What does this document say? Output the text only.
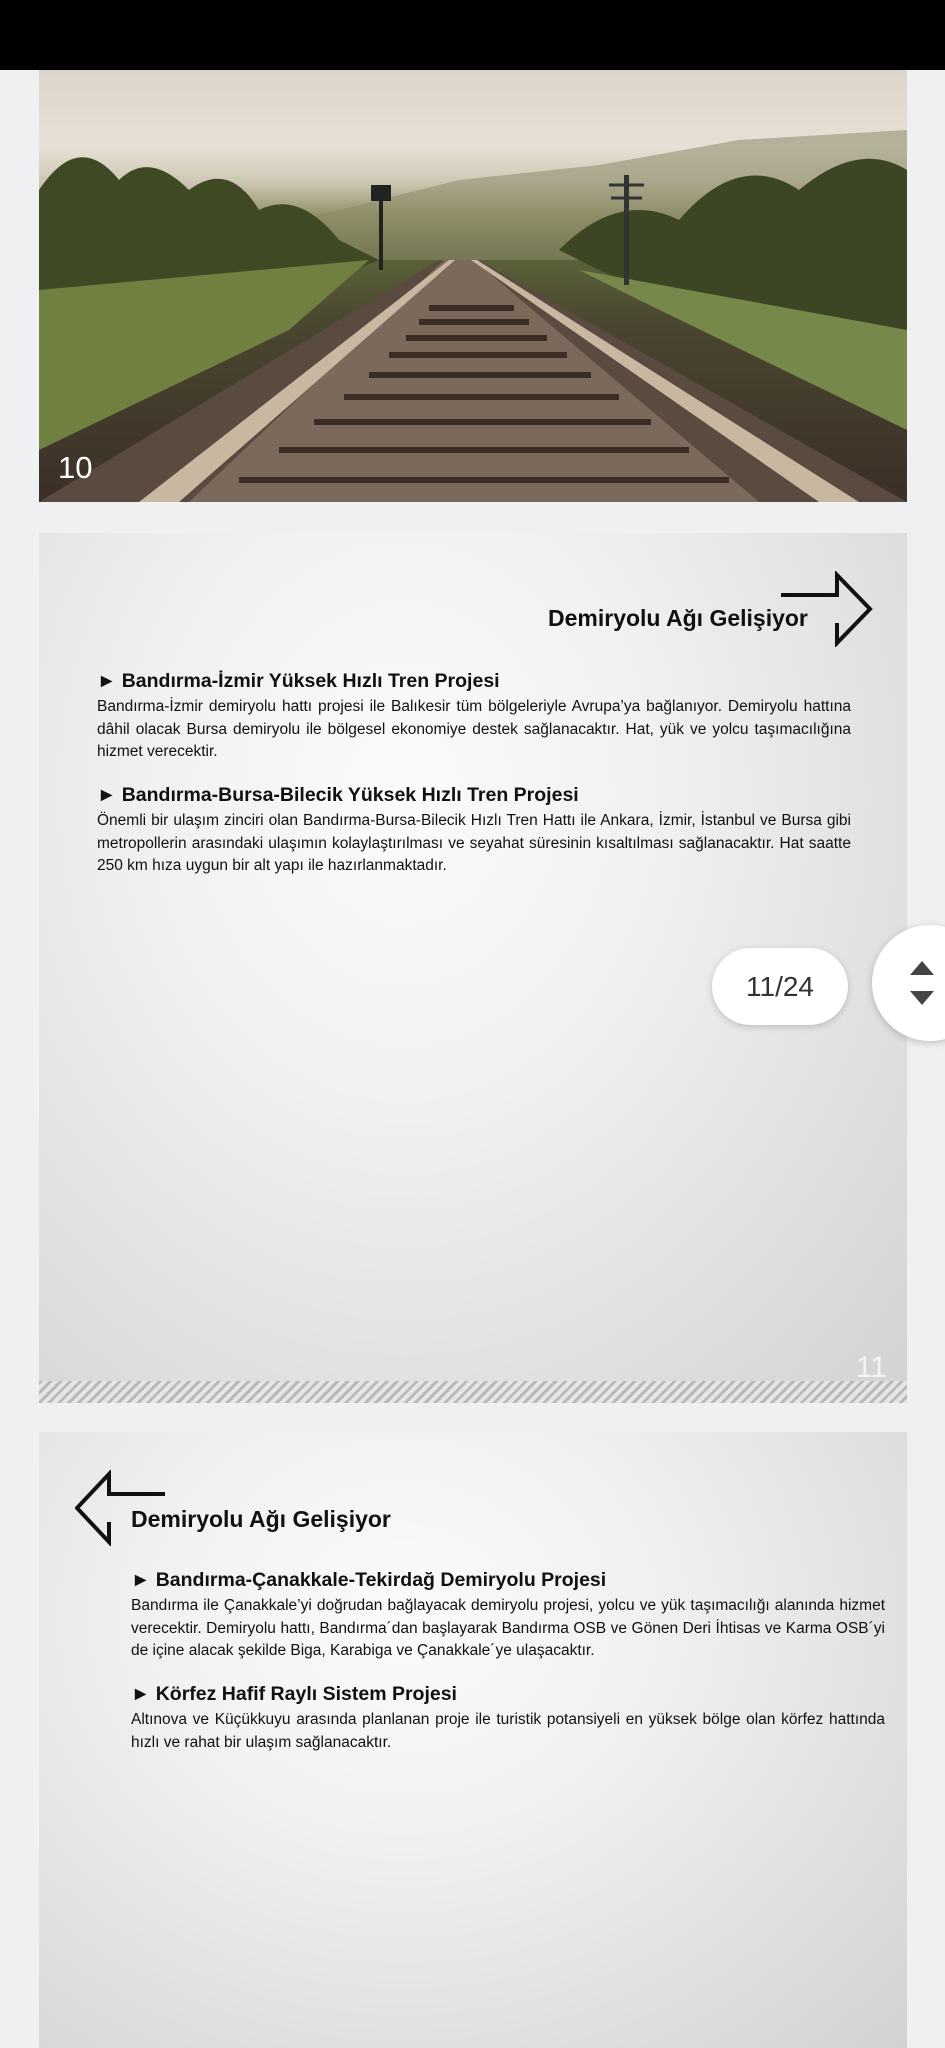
10
Demiryolu Ağı Gelişiyor
► Bandırma-İzmir Yüksek Hızlı Tren Projesi
Bandırma-İzmir demiryolu hattı projesi ile Balıkesir tüm bölgeleriyle Avrupa’ya bağlanıyor. Demiryolu hattına dâhil olacak Bursa demiryolu ile bölgesel ekonomiye destek sağlanacaktır. Hat, yük ve yolcu taşımacılığına hizmet verecektir.
► Bandırma-Bursa-Bilecik Yüksek Hızlı Tren Projesi
Önemli bir ulaşım zinciri olan Bandırma-Bursa-Bilecik Hızlı Tren Hattı ile Ankara, İzmir, İstanbul ve Bursa gibi metropollerin arasındaki ulaşımın kolaylaştırılması ve seyahat süresinin kısaltılması sağlanacaktır. Hat saatte 250 km hıza uygun bir alt yapı ile hazırlanmaktadır.
11
Demiryolu Ağı Gelişiyor
► Bandırma-Çanakkale-Tekirdağ Demiryolu Projesi
Bandırma ile Çanakkale’yi doğrudan bağlayacak demiryolu projesi, yolcu ve yük taşımacılığı alanında hizmet verecektir. Demiryolu hattı, Bandırma´dan başlayarak Bandırma OSB ve Gönen Deri İhtisas ve Karma OSB´yi de içine alacak şekilde Biga, Karabiga ve Çanakkale´ye ulaşacaktır.
► Körfez Hafif Raylı Sistem Projesi
Altınova ve Küçükkuyu arasında planlanan proje ile turistik potansiyeli en yüksek bölge olan körfez hattında hızlı ve rahat bir ulaşım sağlanacaktır.
11/24
